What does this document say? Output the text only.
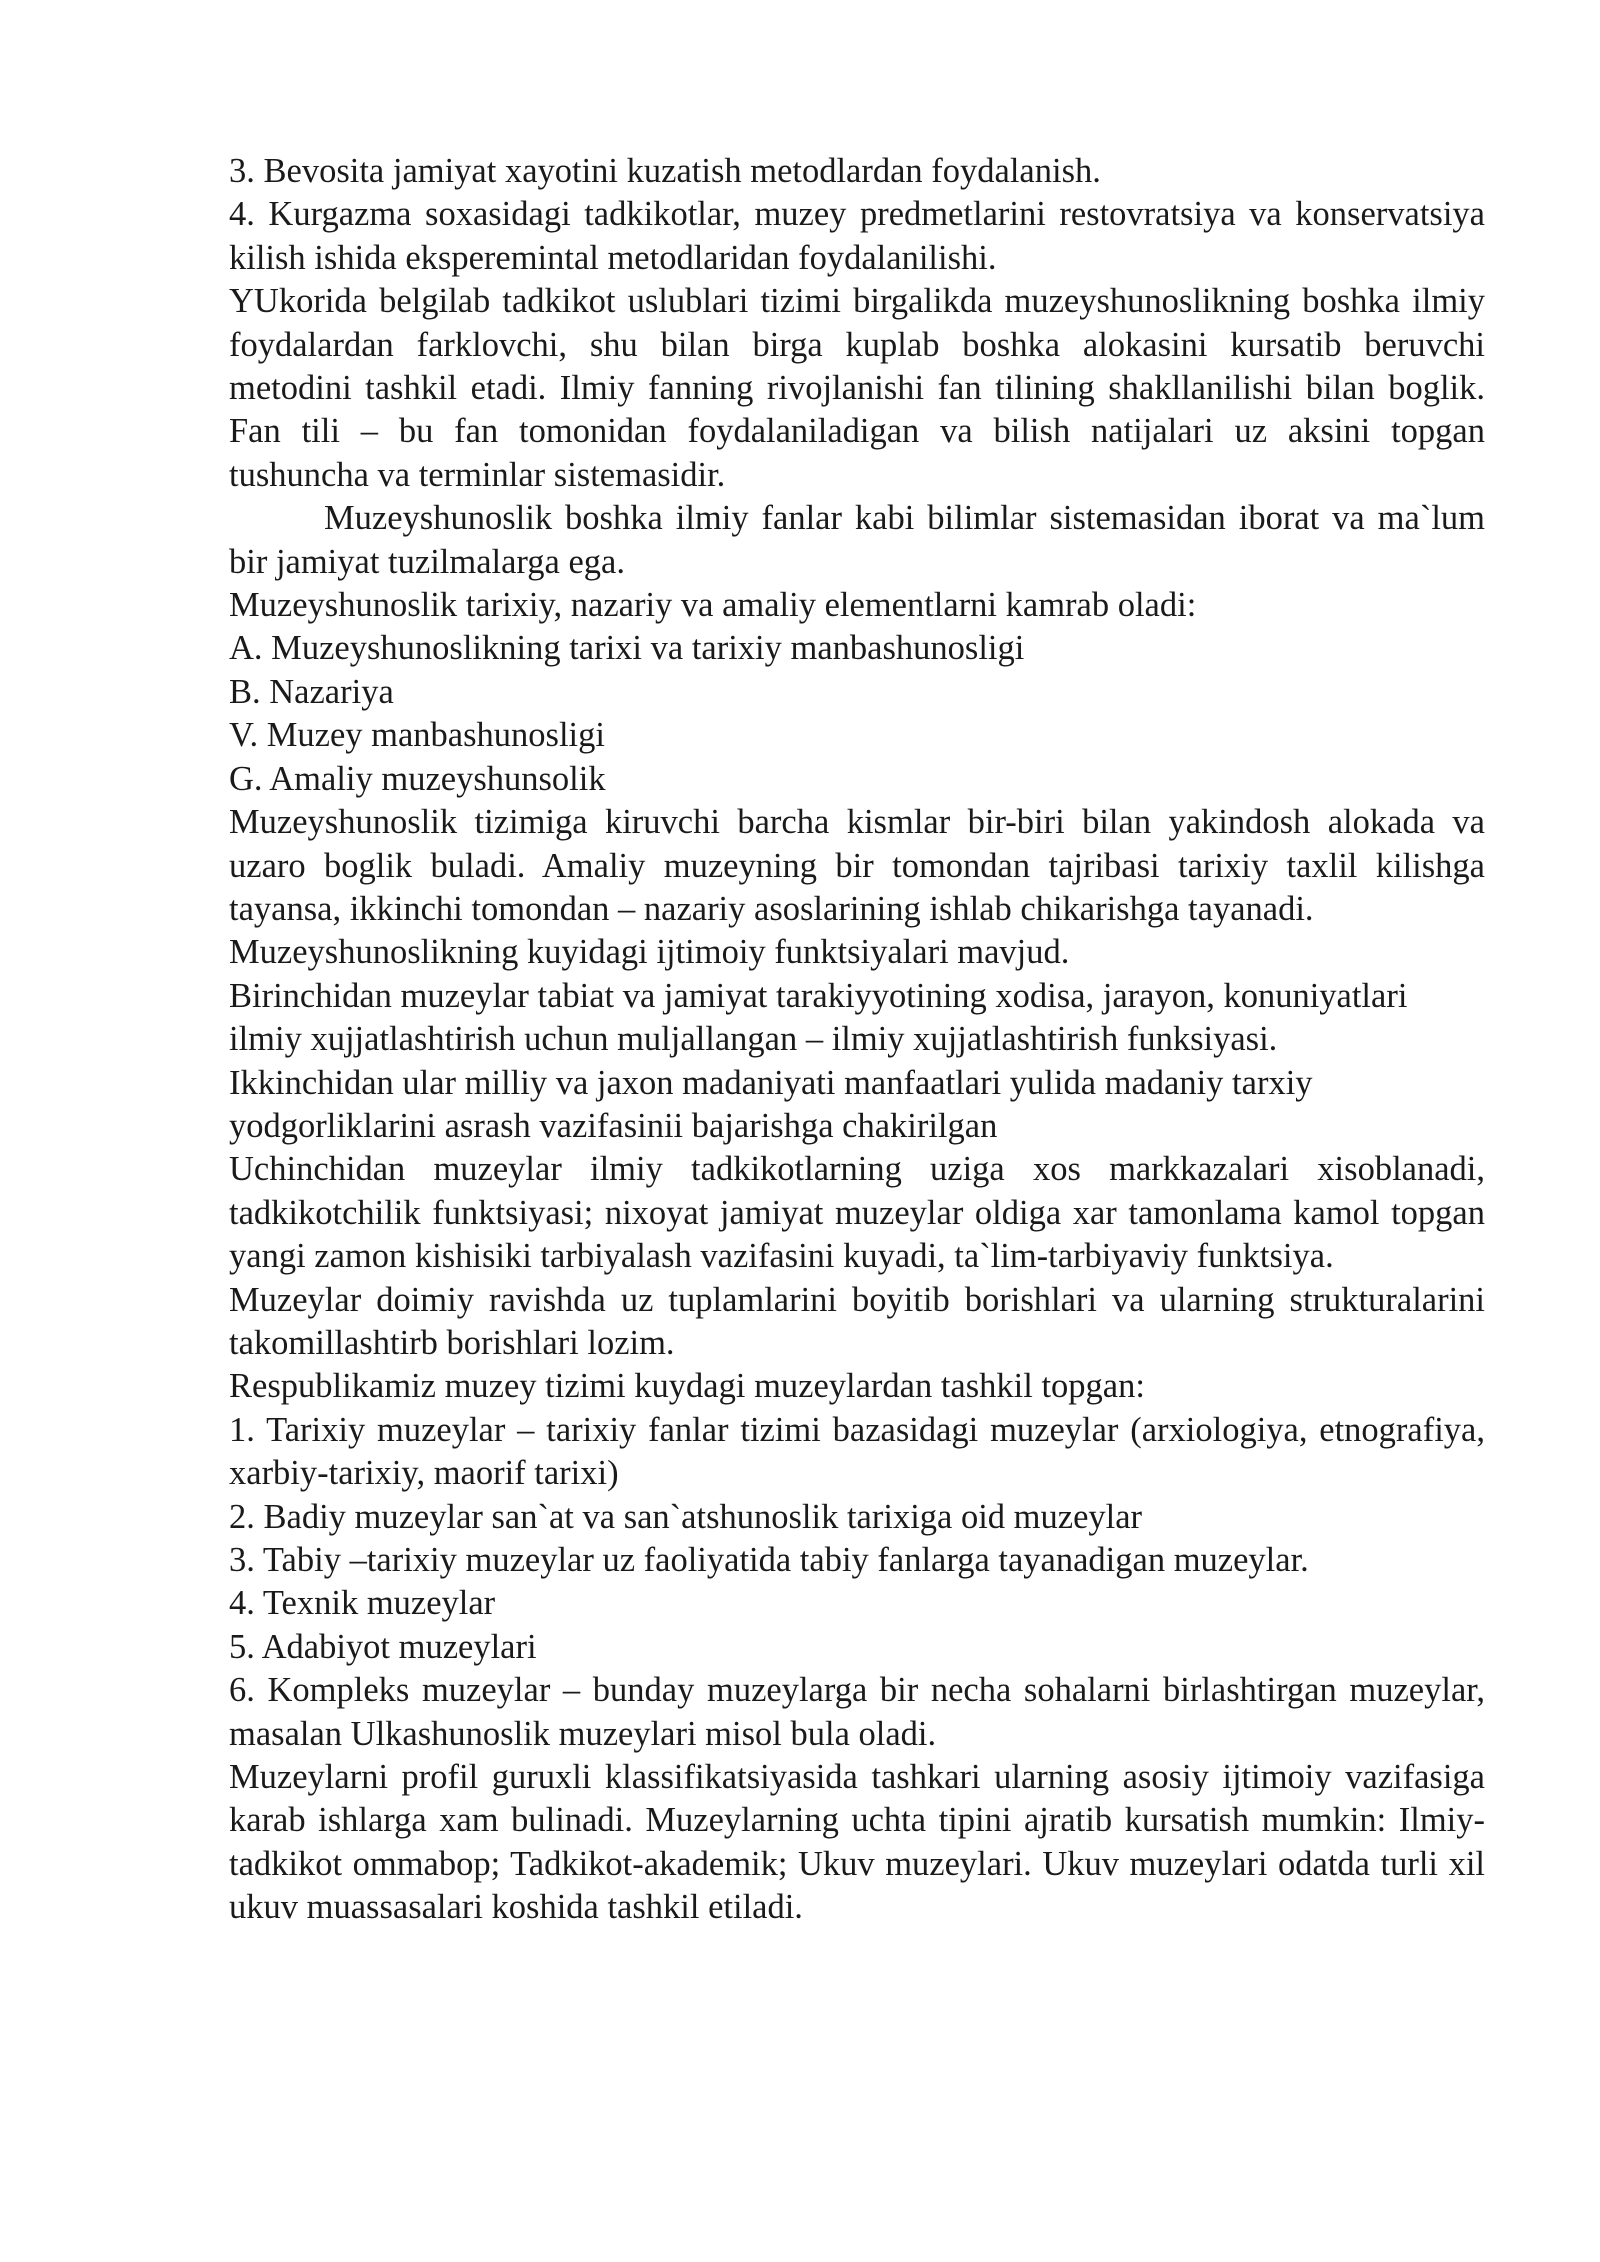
3. Bevosita jamiyat xayotini kuzatish metodlardan foydalanish.

4. Kurgazma soxasidagi tadkikotlar, muzey predmetlarini restovratsiya va konservatsiya kilish ishida eksperemintal metodlaridan foydalanilishi.

YUkorida belgilab tadkikot uslublari tizimi birgalikda muzeyshunoslikning boshka ilmiy foydalardan farklovchi, shu bilan birga kuplab boshka alokasini kursatib beruvchi metodini tashkil etadi. Ilmiy fanning rivojlanishi fan tilining shakllanilishi bilan boglik. Fan tili – bu fan tomonidan foydalaniladigan va bilish natijalari uz aksini topgan tushuncha va terminlar sistemasidir.

Muzeyshunoslik boshka ilmiy fanlar kabi bilimlar sistemasidan iborat va ma`lum bir jamiyat tuzilmalarga ega.

Muzeyshunoslik tarixiy, nazariy va amaliy elementlarni kamrab oladi:

A. Muzeyshunoslikning tarixi va tarixiy manbashunosligi

B. Nazariya

V. Muzey manbashunosligi

G. Amaliy muzeyshunsolik

Muzeyshunoslik tizimiga kiruvchi barcha kismlar bir-biri bilan yakindosh alokada va uzaro boglik buladi. Amaliy muzeyning bir tomondan tajribasi tarixiy taxlil kilishga tayansa, ikkinchi tomondan – nazariy asoslarining ishlab chikarishga tayanadi.

Muzeyshunoslikning kuyidagi ijtimoiy funktsiyalari mavjud.

Birinchidan muzeylar tabiat va jamiyat tarakiyyotining xodisa, jarayon, konuniyatlari ilmiy xujjatlashtirish uchun muljallangan – ilmiy xujjatlashtirish funksiyasi.

Ikkinchidan ular milliy va jaxon madaniyati manfaatlari yulida madaniy tarxiy yodgorliklarini asrash vazifasinii bajarishga chakirilgan

Uchinchidan muzeylar ilmiy tadkikotlarning uziga xos markkazalari xisoblanadi, tadkikotchilik funktsiyasi; nixoyat jamiyat muzeylar oldiga xar tamonlama kamol topgan yangi zamon kishisiki tarbiyalash vazifasini kuyadi, ta`lim-tarbiyaviy funktsiya.

Muzeylar doimiy ravishda uz tuplamlarini boyitib borishlari va ularning strukturalarini takomillashtirb borishlari lozim.

Respublikamiz muzey tizimi kuydagi muzeylardan tashkil topgan:

1. Tarixiy muzeylar – tarixiy fanlar tizimi bazasidagi muzeylar (arxiologiya, etnografiya, xarbiy-tarixiy, maorif tarixi)

2. Badiy muzeylar san`at va san`atshunoslik tarixiga oid muzeylar

3. Tabiy –tarixiy muzeylar uz faoliyatida tabiy fanlarga tayanadigan muzeylar.

4. Texnik muzeylar

5. Adabiyot muzeylari

6. Kompleks muzeylar – bunday muzeylarga bir necha sohalarni birlashtirgan muzeylar, masalan Ulkashunoslik muzeylari misol bula oladi.

Muzeylarni profil guruxli klassifikatsiyasida tashkari ularning asosiy ijtimoiy vazifasiga karab ishlarga xam bulinadi. Muzeylarning uchta tipini ajratib kursatish mumkin: Ilmiy-tadkikot ommabop; Tadkikot-akademik; Ukuv muzeylari. Ukuv muzeylari odatda turli xil ukuv muassasalari koshida tashkil etiladi.
